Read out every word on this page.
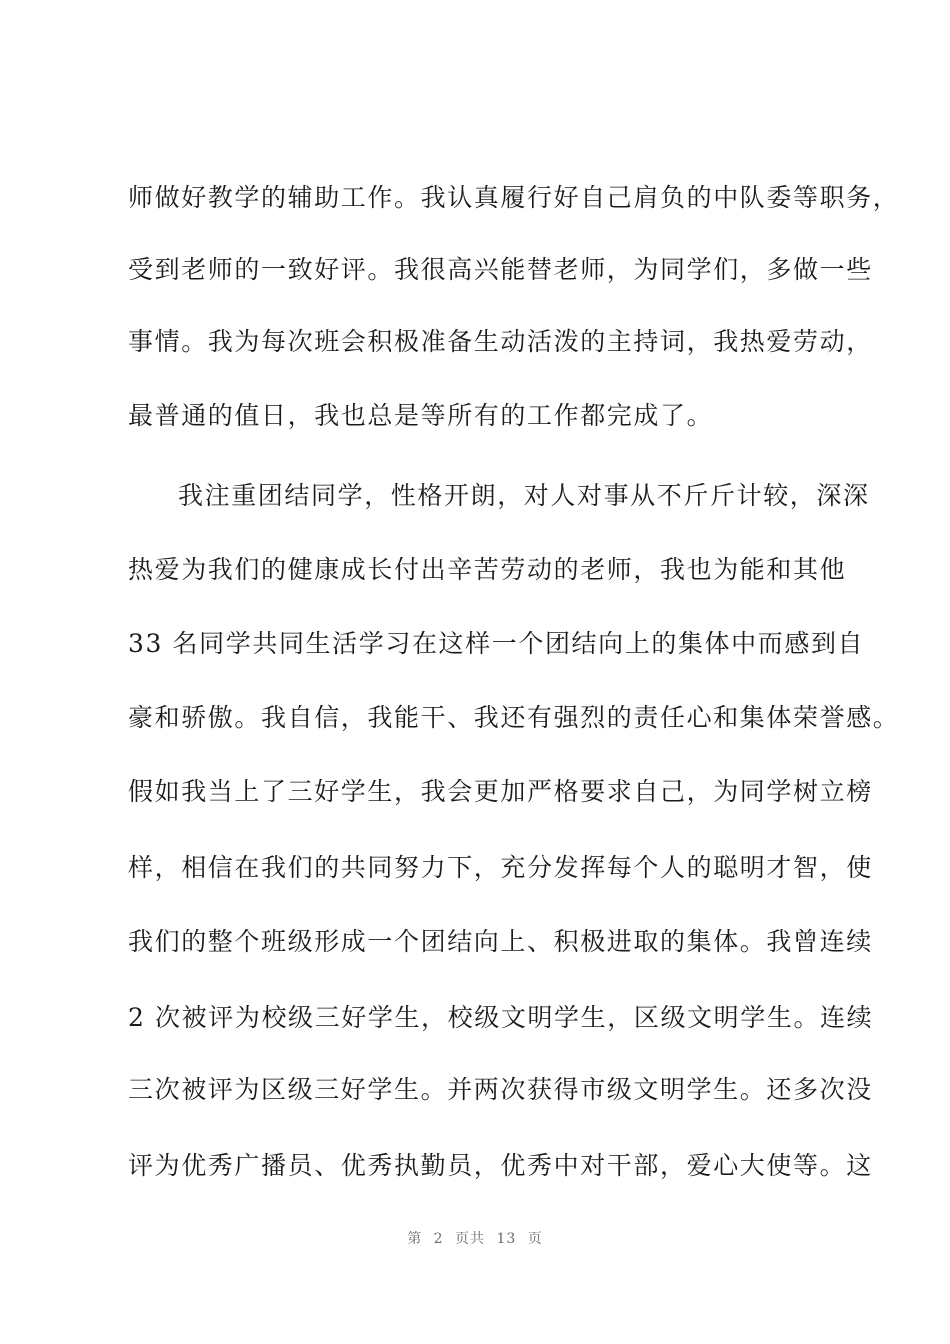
师做好教学的辅助工作。我认真履行好自己肩负的中队委等职务，
受到老师的一致好评。我很高兴能替老师，为同学们，多做一些
事情。我为每次班会积极准备生动活泼的主持词，我热爱劳动，
最普通的值日，我也总是等所有的工作都完成了。
我注重团结同学，性格开朗，对人对事从不斤斤计较，深深
热爱为我们的健康成长付出辛苦劳动的老师，我也为能和其他
33 名同学共同生活学习在这样一个团结向上的集体中而感到自
豪和骄傲。我自信，我能干、我还有强烈的责任心和集体荣誉感。
假如我当上了三好学生，我会更加严格要求自己，为同学树立榜
样，相信在我们的共同努力下，充分发挥每个人的聪明才智，使
我们的整个班级形成一个团结向上、积极进取的集体。我曾连续
2 次被评为校级三好学生，校级文明学生，区级文明学生。连续
三次被评为区级三好学生。并两次获得市级文明学生。还多次没
评为优秀广播员、优秀执勤员，优秀中对干部，爱心大使等。这
第 2 页共 13 页
